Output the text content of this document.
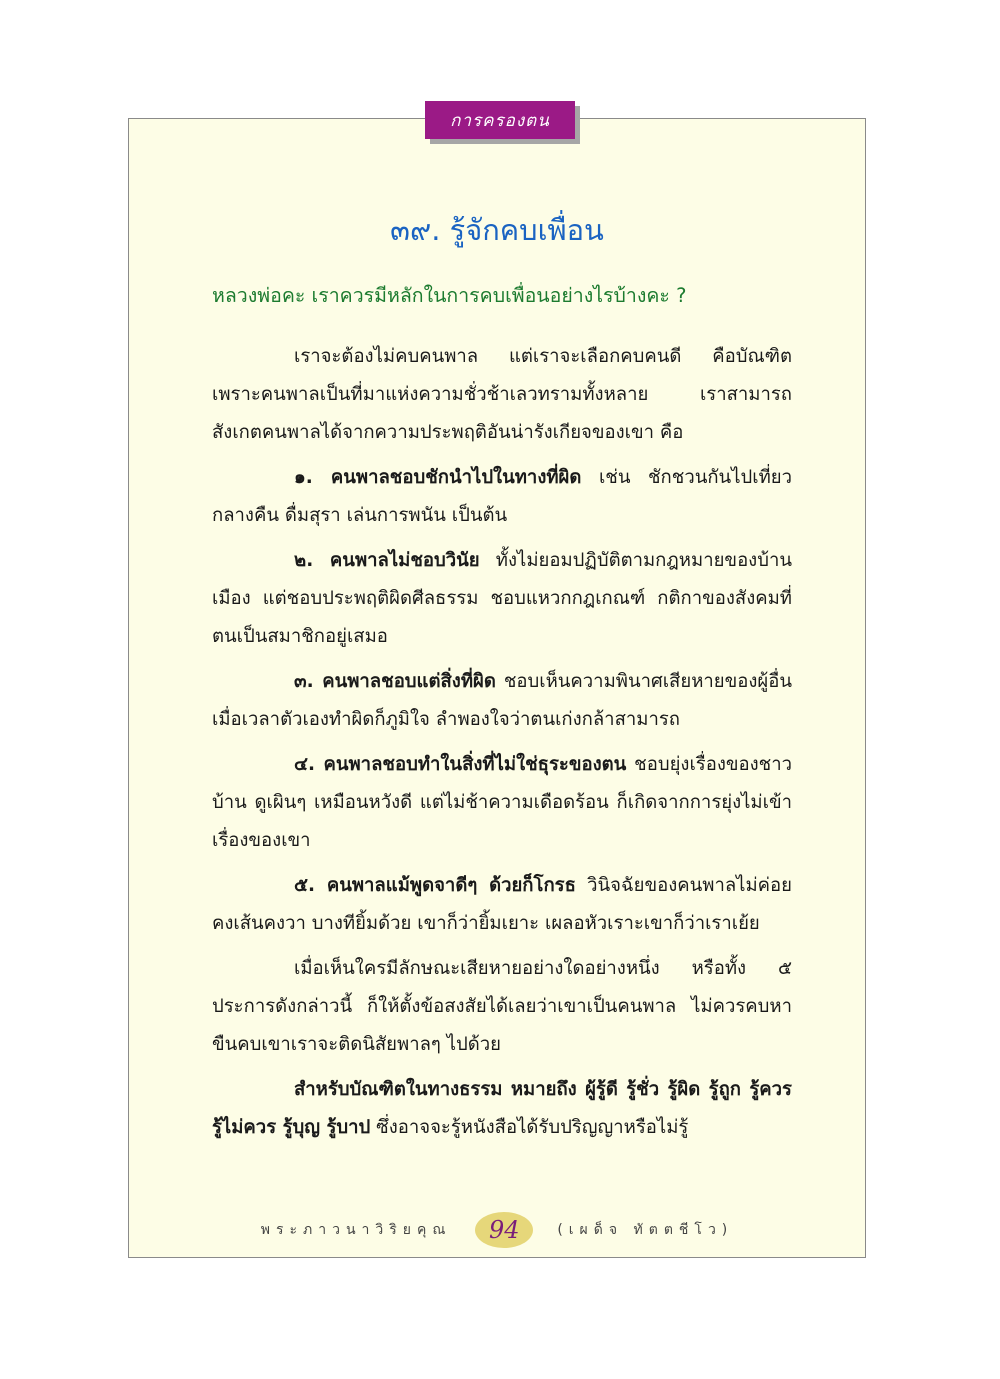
การครองตน
๓๙. รู้จักคบเพื่อน
หลวงพ่อคะ เราควรมีหลักในการคบเพื่อนอย่างไรบ้างคะ ?

เราจะต้องไม่คบคนพาล แต่เราจะเลือกคบคนดี คือบัณฑิต เพราะคนพาลเป็นที่มาแห่งความชั่วช้าเลวทรามทั้งหลาย เราสามารถสังเกตคนพาลได้จากความประพฤติอันน่ารังเกียจของเขา คือ

๑. คนพาลชอบชักนำไปในทางที่ผิด เช่น ชักชวนกันไปเที่ยวกลางคืน ดื่มสุรา เล่นการพนัน เป็นต้น

๒. คนพาลไม่ชอบวินัย ทั้งไม่ยอมปฏิบัติตามกฎหมายของบ้านเมือง แต่ชอบประพฤติผิดศีลธรรม ชอบแหวกกฎเกณฑ์ กติกาของสังคมที่ตนเป็นสมาชิกอยู่เสมอ

๓. คนพาลชอบแต่สิ่งที่ผิด ชอบเห็นความพินาศเสียหายของผู้อื่น เมื่อเวลาตัวเองทำผิดก็ภูมิใจ ลำพองใจว่าตนเก่งกล้าสามารถ

๔. คนพาลชอบทำในสิ่งที่ไม่ใช่ธุระของตน ชอบยุ่งเรื่องของชาวบ้าน ดูเผินๆ เหมือนหวังดี แต่ไม่ช้าความเดือดร้อน ก็เกิดจากการยุ่งไม่เข้าเรื่องของเขา

๕. คนพาลแม้พูดจาดีๆ ด้วยก็โกรธ วินิจฉัยของคนพาลไม่ค่อยคงเส้นคงวา บางทียิ้มด้วย เขาก็ว่ายิ้มเยาะ เผลอหัวเราะเขาก็ว่าเราเย้ย

เมื่อเห็นใครมีลักษณะเสียหายอย่างใดอย่างหนึ่ง หรือทั้ง ๕ ประการดังกล่าวนี้ ก็ให้ตั้งข้อสงสัยได้เลยว่าเขาเป็นคนพาล ไม่ควรคบหาขืนคบเขาเราจะติดนิสัยพาลๆ ไปด้วย

สำหรับบัณฑิตในทางธรรม หมายถึง ผู้รู้ดี รู้ชั่ว รู้ผิด รู้ถูก รู้ควร รู้ไม่ควร รู้บุญ รู้บาป ซึ่งอาจจะรู้หนังสือได้รับปริญญาหรือไม่รู้

พระภาวนาวิริยคุณ	94	(เผด็จ ทัตตชีโว)
